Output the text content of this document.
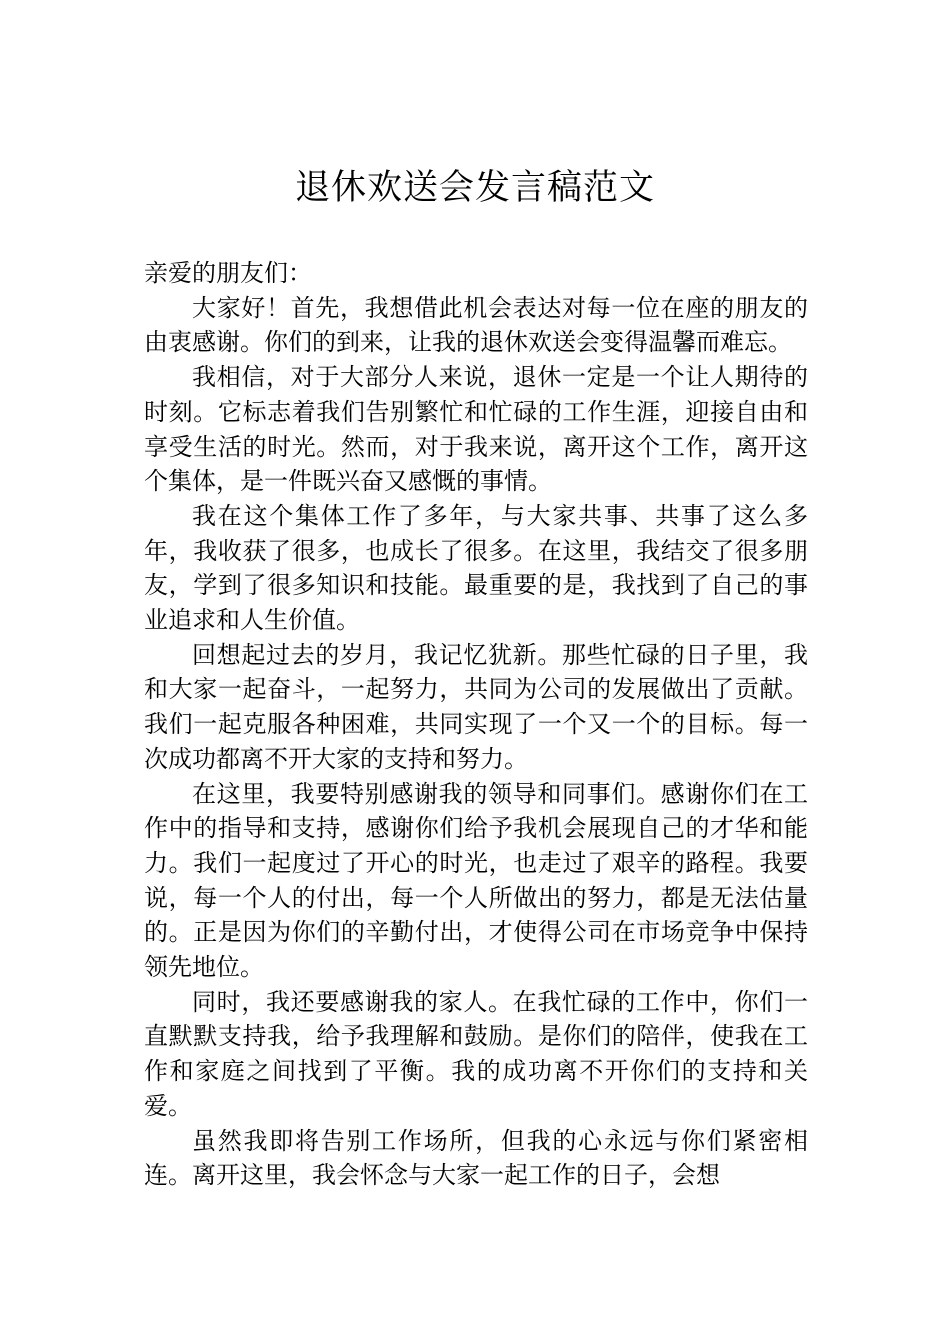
退休欢送会发言稿范文

亲爱的朋友们：

大家好！首先，我想借此机会表达对每一位在座的朋友的由衷感谢。你们的到来，让我的退休欢送会变得温馨而难忘。

我相信，对于大部分人来说，退休一定是一个让人期待的时刻。它标志着我们告别繁忙和忙碌的工作生涯，迎接自由和享受生活的时光。然而，对于我来说，离开这个工作，离开这个集体，是一件既兴奋又感慨的事情。

我在这个集体工作了多年，与大家共事、共事了这么多年，我收获了很多，也成长了很多。在这里，我结交了很多朋友，学到了很多知识和技能。最重要的是，我找到了自己的事业追求和人生价值。

回想起过去的岁月，我记忆犹新。那些忙碌的日子里，我和大家一起奋斗，一起努力，共同为公司的发展做出了贡献。我们一起克服各种困难，共同实现了一个又一个的目标。每一次成功都离不开大家的支持和努力。

在这里，我要特别感谢我的领导和同事们。感谢你们在工作中的指导和支持，感谢你们给予我机会展现自己的才华和能力。我们一起度过了开心的时光，也走过了艰辛的路程。我要说，每一个人的付出，每一个人所做出的努力，都是无法估量的。正是因为你们的辛勤付出，才使得公司在市场竞争中保持领先地位。

同时，我还要感谢我的家人。在我忙碌的工作中，你们一直默默支持我，给予我理解和鼓励。是你们的陪伴，使我在工作和家庭之间找到了平衡。我的成功离不开你们的支持和关爱。

虽然我即将告别工作场所，但我的心永远与你们紧密相连。离开这里，我会怀念与大家一起工作的日子，会想
